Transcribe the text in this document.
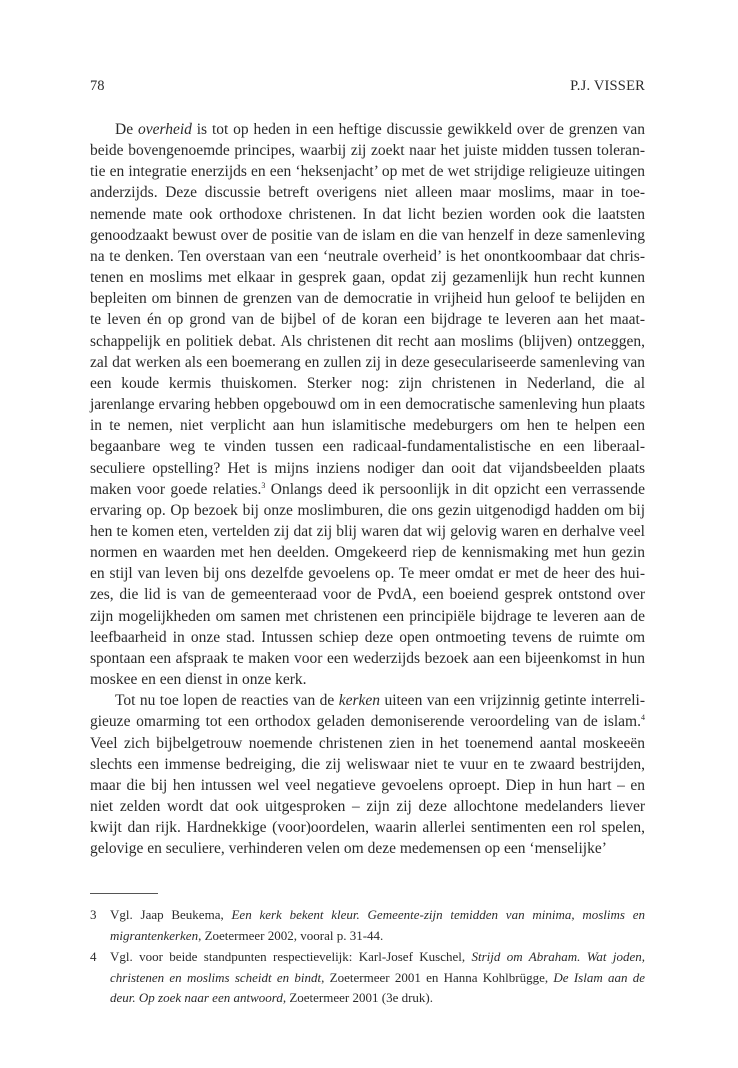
78	P.J. VISSER

De overheid is tot op heden in een heftige discussie gewikkeld over de grenzen van beide bovengenoemde principes, waarbij zij zoekt naar het juiste midden tussen tolerantie en integratie enerzijds en een ‘heksenjacht’ op met de wet strijdige religieuze uitingen anderzijds. Deze discussie betreft overigens niet alleen maar moslims, maar in toenemende mate ook orthodoxe christenen. In dat licht bezien worden ook die laatsten genoodzaakt bewust over de positie van de islam en die van henzelf in deze samenleving na te denken. Ten overstaan van een ‘neutrale overheid’ is het onontkoombaar dat christenen en moslims met elkaar in gesprek gaan, opdat zij gezamenlijk hun recht kunnen bepleiten om binnen de grenzen van de democratie in vrijheid hun geloof te belijden en te leven én op grond van de bijbel of de koran een bijdrage te leveren aan het maatschappelijk en politiek debat. Als christenen dit recht aan moslims (blijven) ontzeggen, zal dat werken als een boemerang en zullen zij in deze geseculariseerde samenleving van een koude kermis thuiskomen. Sterker nog: zijn christenen in Nederland, die al jarenlange ervaring hebben opgebouwd om in een democratische samenleving hun plaats in te nemen, niet verplicht aan hun islamitische medeburgers om hen te helpen een begaanbare weg te vinden tussen een radicaal-fundamentalistische en een liberaal-seculiere opstelling? Het is mijns inziens nodiger dan ooit dat vijandsbeelden plaats maken voor goede relaties.$^3$ Onlangs deed ik persoonlijk in dit opzicht een verrassende ervaring op. Op bezoek bij onze moslimburen, die ons gezin uitgenodigd hadden om bij hen te komen eten, vertelden zij dat zij blij waren dat wij gelovig waren en derhalve veel normen en waarden met hen deelden. Omgekeerd riep de kennismaking met hun gezin en stijl van leven bij ons dezelfde gevoelens op. Te meer omdat er met de heer des huizes, die lid is van de gemeenteraad voor de PvdA, een boeiend gesprek ontstond over zijn mogelijkheden om samen met christenen een principiële bijdrage te leveren aan de leefbaarheid in onze stad. Intussen schiep deze open ontmoeting tevens de ruimte om spontaan een afspraak te maken voor een wederzijds bezoek aan een bijeenkomst in hun moskee en een dienst in onze kerk.

Tot nu toe lopen de reacties van de kerken uiteen van een vrijzinnig getinte interreligieuze omarming tot een orthodox geladen demoniserende veroordeling van de islam.$^4$ Veel zich bijbelgetrouw noemende christenen zien in het toenemend aantal moskeeën slechts een immense bedreiging, die zij weliswaar niet te vuur en te zwaard bestrijden, maar die bij hen intussen wel veel negatieve gevoelens oproept. Diep in hun hart – en niet zelden wordt dat ook uitgesproken – zijn zij deze allochtone medelanders liever kwijt dan rijk. Hardnekkige (voor)oordelen, waarin allerlei sentimenten een rol spelen, gelovige en seculiere, verhinderen velen om deze medemensen op een ‘menselijke’

3	Vgl. Jaap Beukema, Een kerk bekent kleur. Gemeente-zijn temidden van minima, moslims en migrantenkerken, Zoetermeer 2002, vooral p. 31-44.
4	Vgl. voor beide standpunten respectievelijk: Karl-Josef Kuschel, Strijd om Abraham. Wat joden, christenen en moslims scheidt en bindt, Zoetermeer 2001 en Hanna Kohlbrügge, De Islam aan de deur. Op zoek naar een antwoord, Zoetermeer 2001 (3e druk).
